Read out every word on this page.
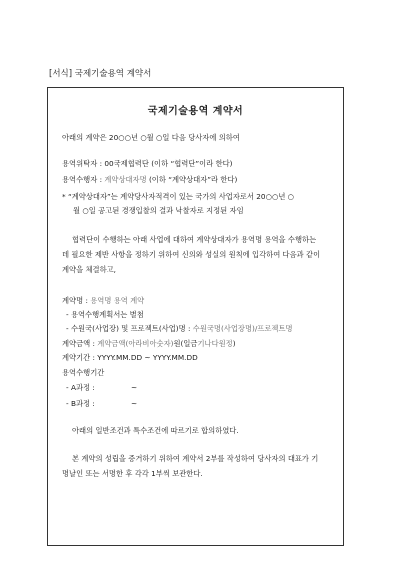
[서식] 국제기술용역 계약서
국제기술용역 계약서
아래의 계약은 20○○년 ○월 ○일 다음 당사자에 의하여
용역위탁자 : 00국제협력단 (이하 “협력단”이라 한다)
용역수행자 : 계약상대자명 (이하 “계약상대자”라 한다)
* “계약상대자”는 계약당사자적격이 있는 국가의 사업자로서 20○○년 ○
월 ○일 공고된 경쟁입찰의 결과 낙찰자로 지정된 자임
협력단이 수행하는 아래 사업에 대하여 계약상대자가 용역명 용역을 수행하는
데 필요한 제반 사항을 정하기 위하여 신의와 성실의 원칙에 입각하여 다음과 같이
계약을 체결하고,
계약명 : 용역명 용역 계약
- 용역수행계획서는 별첨
- 수원국(사업장) 및 프로젝트(사업)명 : 수원국명(사업장명)/프로젝트명
계약금액 : 계약금액(아라비아숫자)원(일금기나다원정)
계약기간 : YYYY.MM.DD ~ YYYY.MM.DD
용역수행기간
- A과정 :	~
- B과정 :	~
아래의 일반조건과 특수조건에 따르기로 합의하였다.
본 계약의 성립을 증거하기 위하여 계약서 2부를 작성하여 당사자의 대표가 기
명날인 또는 서명한 후 각각 1부씩 보관한다.
